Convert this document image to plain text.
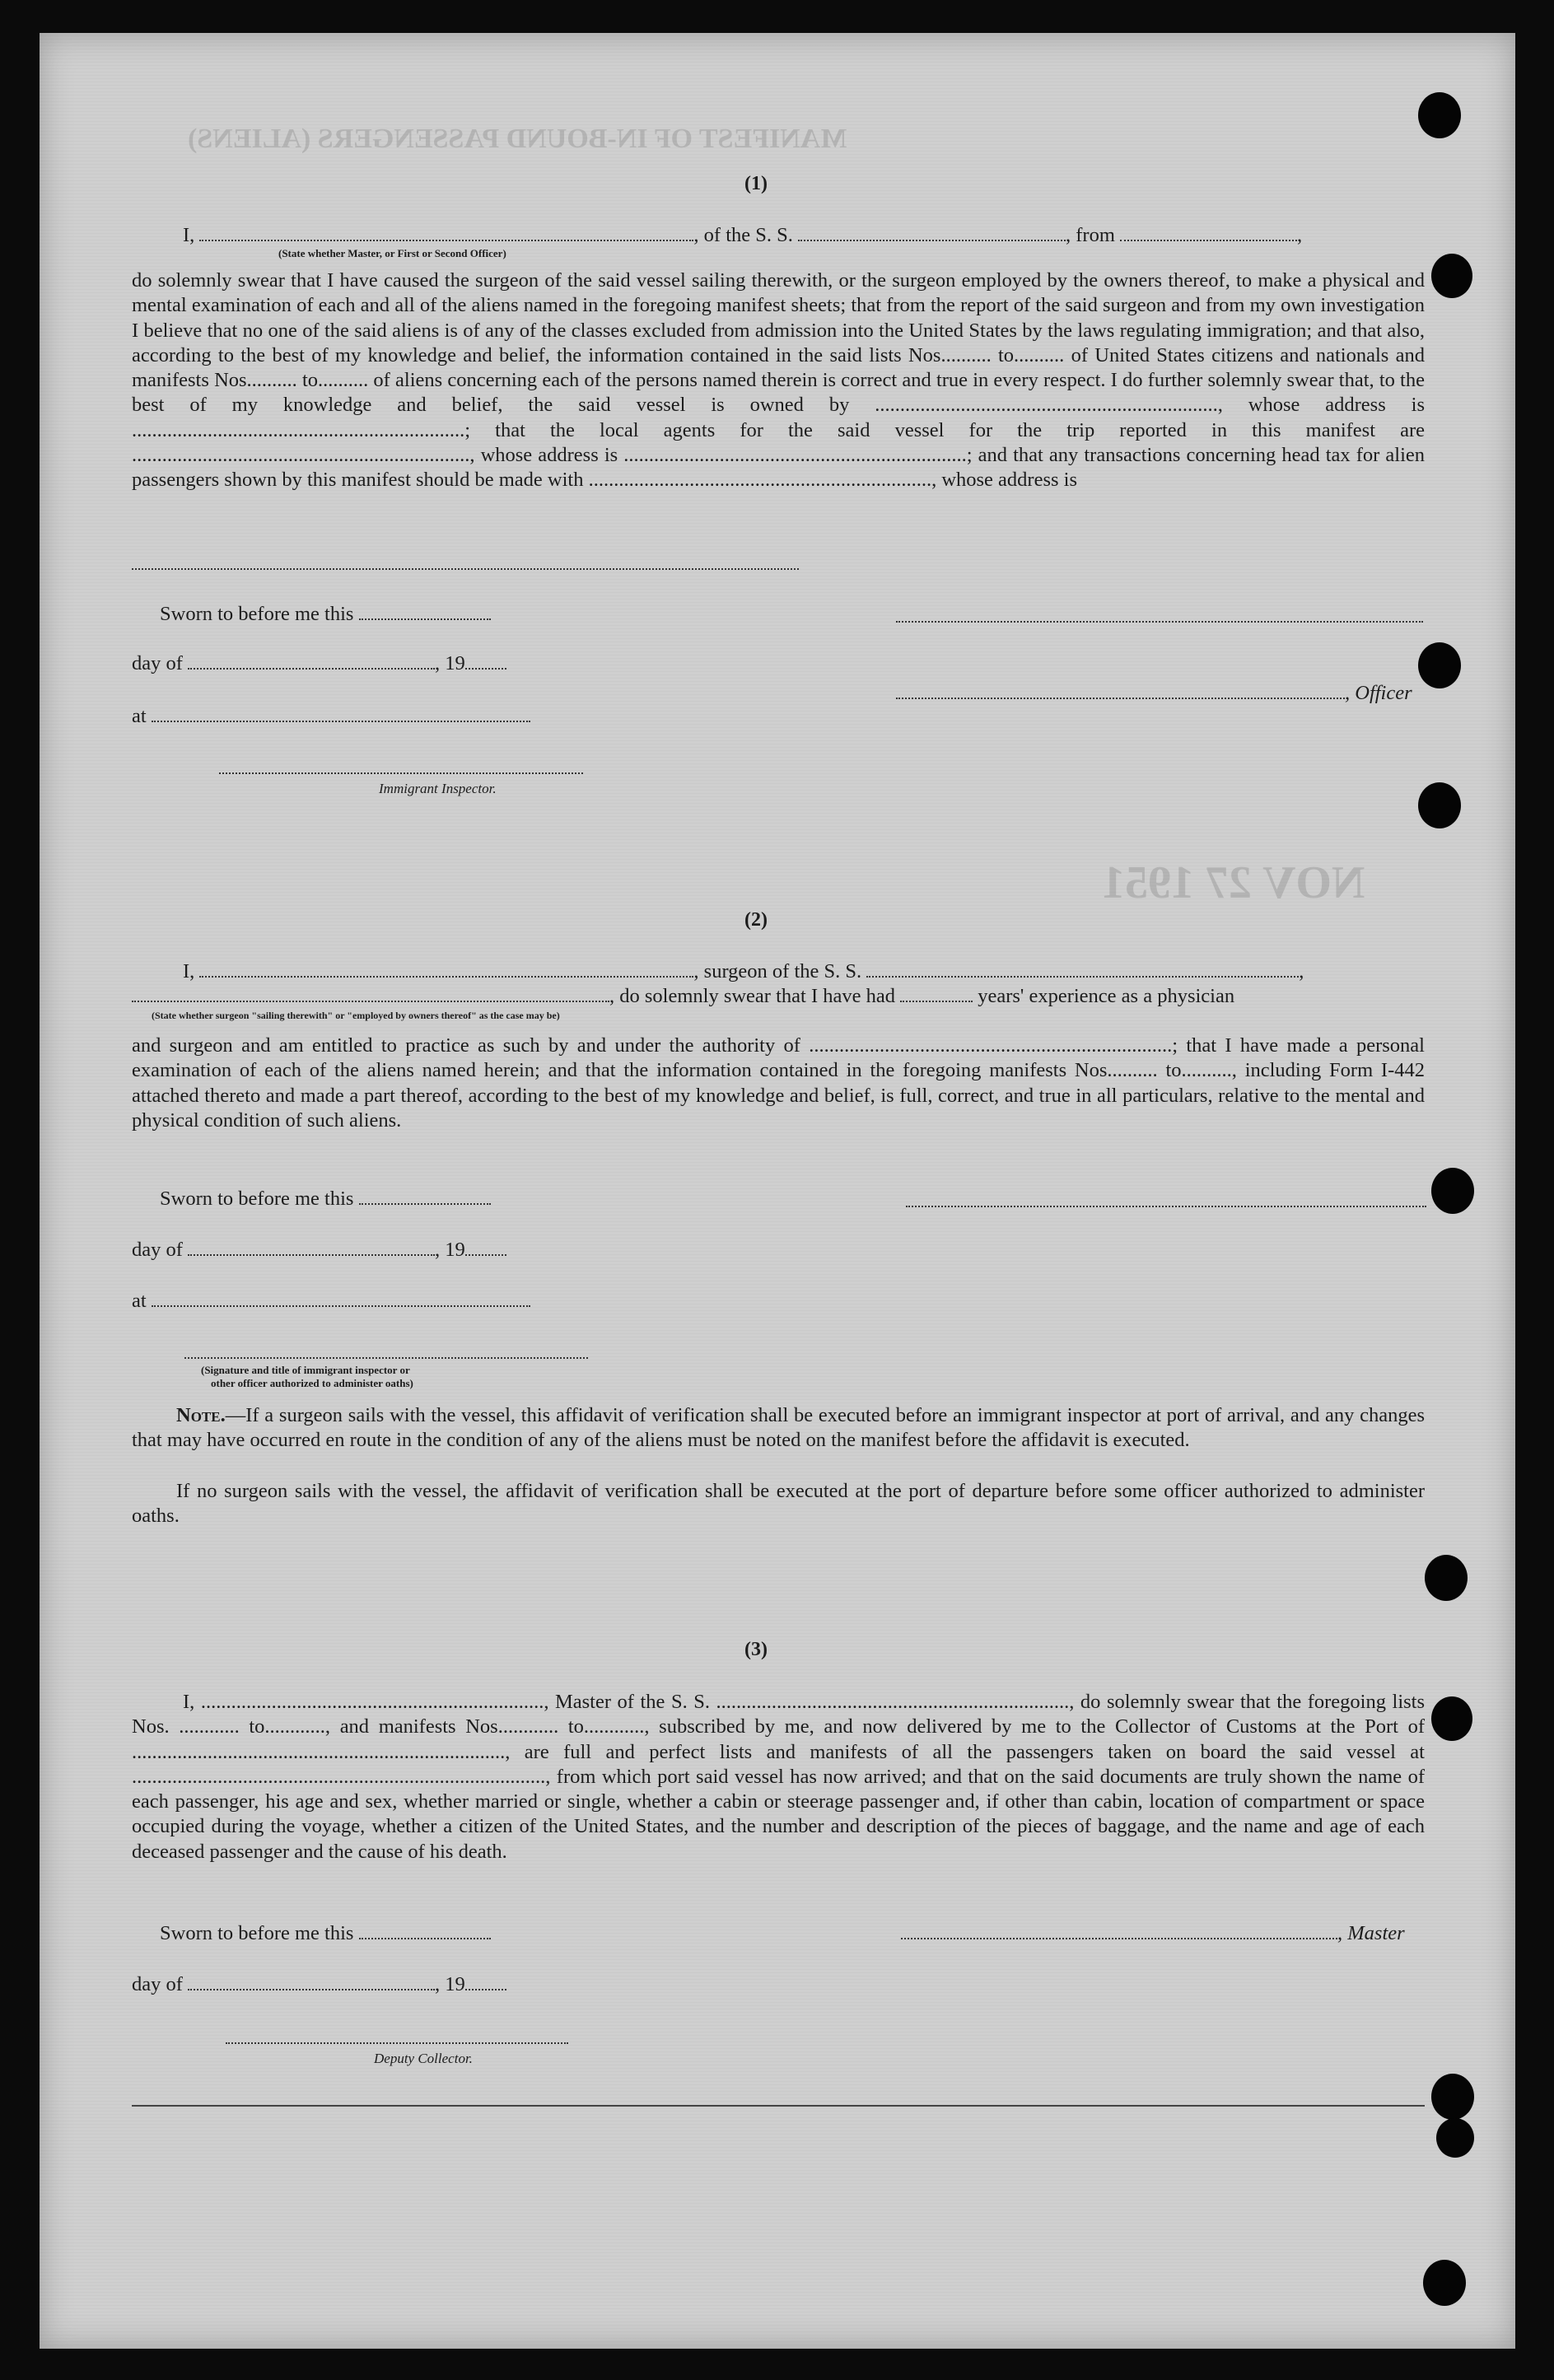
MANIFEST OF IN-BOUND PASSENGERS (ALIENS)
NOV 27 1951
(1)
I,	, of the S. S.	, from	,
(State whether Master, or First or Second Officer)
do solemnly swear that I have caused the surgeon of the said vessel sailing therewith, or the surgeon employed by the owners thereof, to make a physical and mental examination of each and all of the aliens named in the foregoing manifest sheets; that from the report of the said surgeon and from my own investigation I believe that no one of the said aliens is of any of the classes excluded from admission into the United States by the laws regulating immigration; and that also, according to the best of my knowledge and belief, the information contained in the said lists Nos.......... to.......... of United States citizens and nationals and manifests Nos.......... to.......... of aliens concerning each of the persons named therein is correct and true in every respect. I do further solemnly swear that, to the best of my knowledge and belief, the said vessel is owned by ...................................................................., whose address is ..................................................................; that the local agents for the said vessel for the trip reported in this manifest are ..................................................................., whose address is ....................................................................; and that any transactions concerning head tax for alien passengers shown by this manifest should be made with ...................................................................., whose address is
Sworn to before me this
day of	, 19
, Officer
at
Immigrant Inspector.
(2)
I,	, surgeon of the S. S.	,
, do solemnly swear that I have had	years' experience as a physician
(State whether surgeon "sailing therewith" or "employed by owners thereof" as the case may be)
and surgeon and am entitled to practice as such by and under the authority of ........................................................................; that I have made a personal examination of each of the aliens named herein; and that the information contained in the foregoing manifests Nos.......... to.........., including Form I-442 attached thereto and made a part thereof, according to the best of my knowledge and belief, is full, correct, and true in all particulars, relative to the mental and physical condition of such aliens.
Sworn to before me this
day of	, 19
at
(Signature and title of immigrant inspector or
other officer authorized to administer oaths)
Note.—If a surgeon sails with the vessel, this affidavit of verification shall be executed before an immigrant inspector at port of arrival, and any changes that may have occurred en route in the condition of any of the aliens must be noted on the manifest before the affidavit is executed.
If no surgeon sails with the vessel, the affidavit of verification shall be executed at the port of departure before some officer authorized to administer oaths.
(3)
I, ...................................................................., Master of the S. S. ......................................................................, do solemnly swear that the foregoing lists Nos. ............ to............, and manifests Nos............ to............, subscribed by me, and now delivered by me to the Collector of Customs at the Port of .........................................................................., are full and perfect lists and manifests of all the passengers taken on board the said vessel at .................................................................................., from which port said vessel has now arrived; and that on the said documents are truly shown the name of each passenger, his age and sex, whether married or single, whether a cabin or steerage passenger and, if other than cabin, location of compartment or space occupied during the voyage, whether a citizen of the United States, and the number and description of the pieces of baggage, and the name and age of each deceased passenger and the cause of his death.
Sworn to before me this	, Master
day of	, 19
Deputy Collector.
